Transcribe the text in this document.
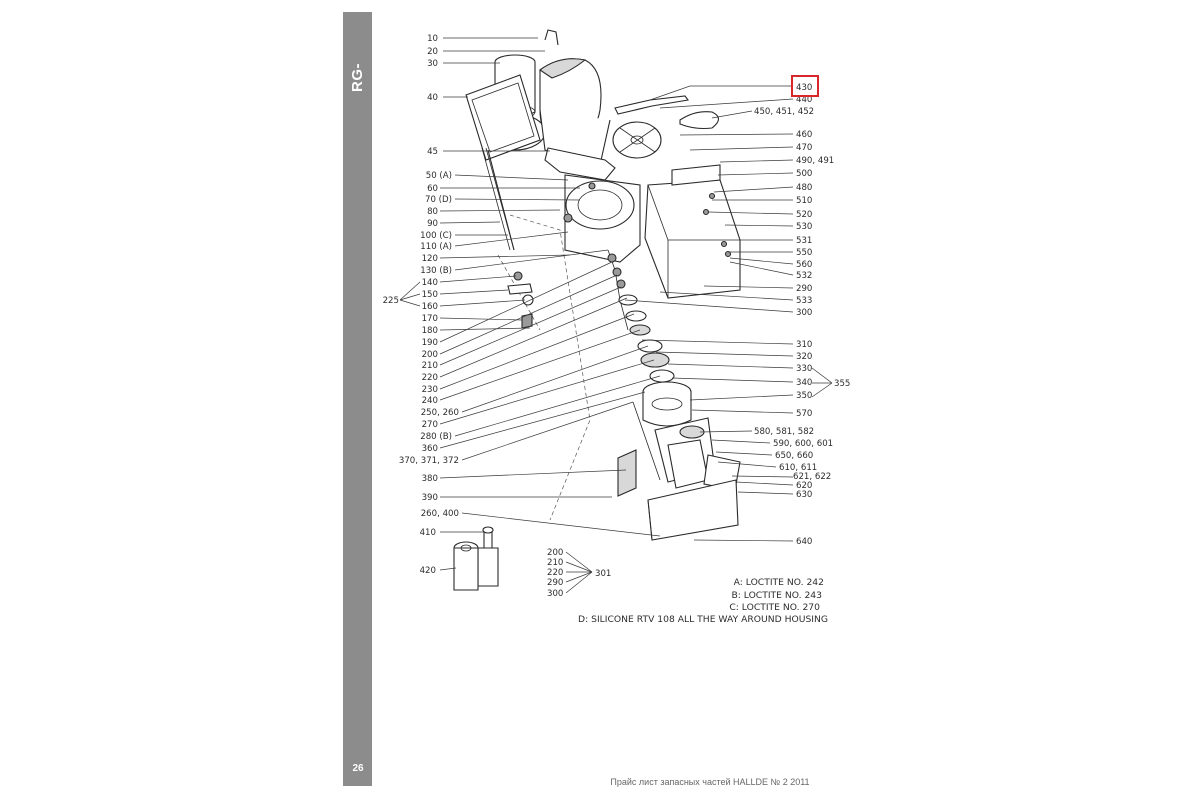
RG-200
26
Прайс лист запасных частей HALLDE № 2 2011
10
20
30
40
45
50 (A)
60
70 (D)
80
90
100 (C)
110 (A)
120
130 (B)
140
150
160
170
180
190
200
210
220
230
240
250, 260
270
280 (B)
360
370, 371, 372
380
390
260, 400
410
420
225
430
440
450, 451, 452
460
470
490, 491
500
480
510
520
530
531
550
560
532
290
533
300
310
320
330
340
350
570
580, 581, 582
590, 600, 601
650, 660
610, 611
621, 622
620
630
640
355
200
210
220
290
300
301
A: LOCTITE NO. 242
B: LOCTITE NO. 243
C: LOCTITE NO. 270
D: SILICONE RTV 108 ALL THE WAY AROUND HOUSING
